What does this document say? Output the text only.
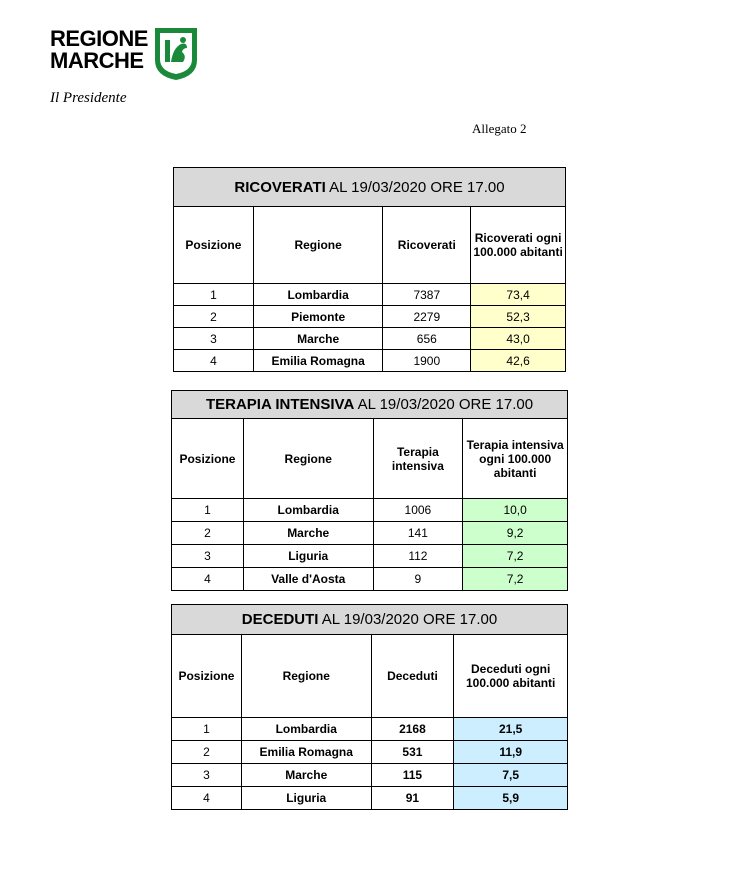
REGIONE
MARCHE
Il Presidente
Allegato 2
RICOVERATI AL 19/03/2020 ORE 17.00			
Posizione	Regione	Ricoverati	Ricoverati ogni 100.000 abitanti
1	Lombardia	7387	73,4
2	Piemonte	2279	52,3
3	Marche	656	43,0
4	Emilia Romagna	1900	42,6
TERAPIA INTENSIVA AL 19/03/2020 ORE 17.00			
Posizione	Regione	Terapia intensiva	Terapia intensiva ogni 100.000 abitanti
1	Lombardia	1006	10,0
2	Marche	141	9,2
3	Liguria	112	7,2
4	Valle d'Aosta	9	7,2
DECEDUTI AL 19/03/2020 ORE 17.00			
Posizione	Regione	Deceduti	Deceduti ogni 100.000 abitanti
1	Lombardia	2168	21,5
2	Emilia Romagna	531	11,9
3	Marche	115	7,5
4	Liguria	91	5,9
